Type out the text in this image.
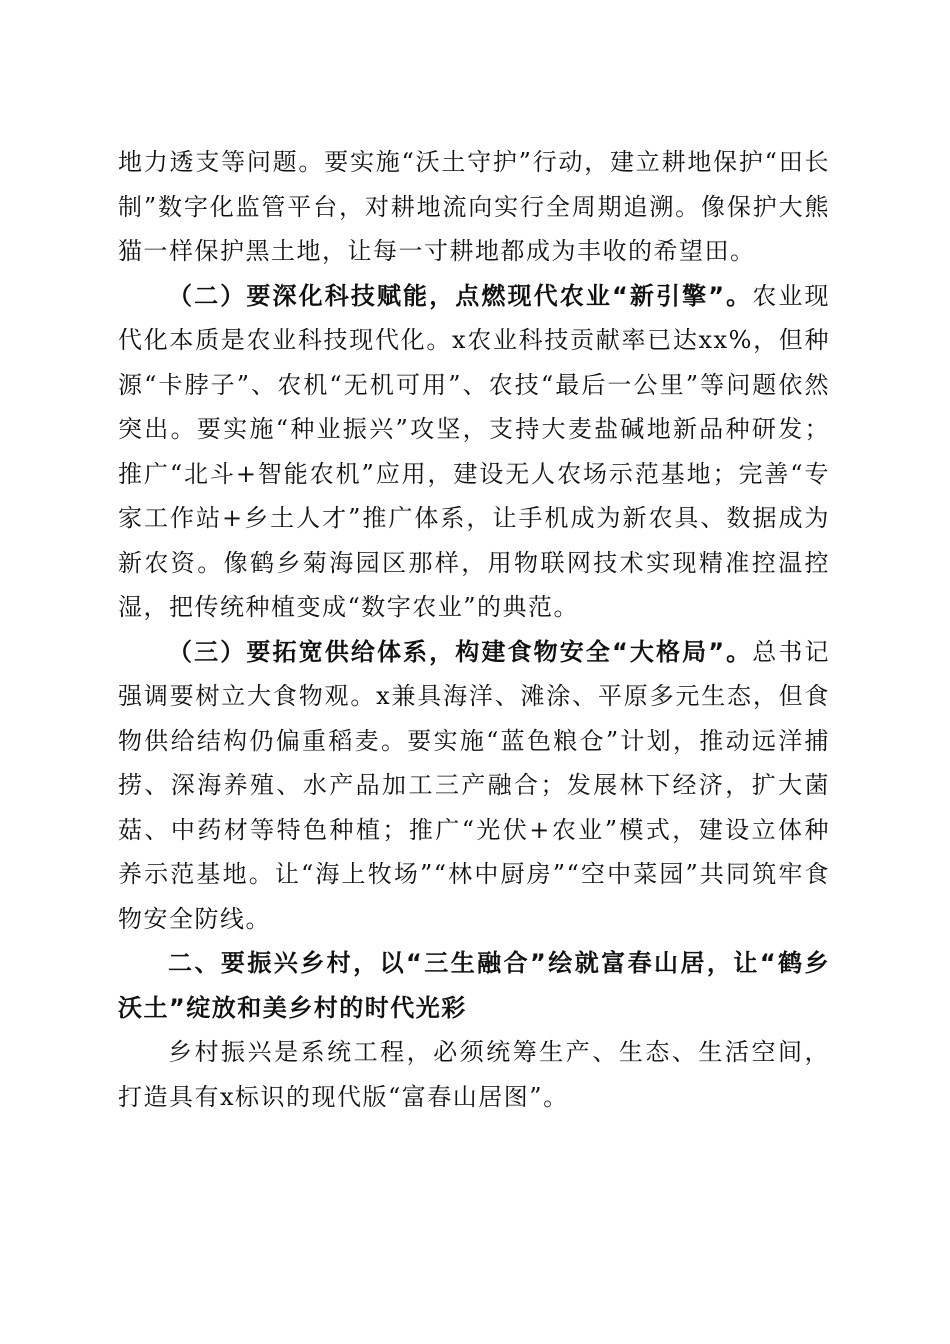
地力透支等问题。要实施“沃土守护”行动，建立耕地保护“田长制”数字化监管平台，对耕地流向实行全周期追溯。像保护大熊猫一样保护黑土地，让每一寸耕地都成为丰收的希望田。

（二）要深化科技赋能，点燃现代农业“新引擎”。农业现代化本质是农业科技现代化。x农业科技贡献率已达xx%，但种源“卡脖子”、农机“无机可用”、农技“最后一公里”等问题依然突出。要实施“种业振兴”攻坚，支持大麦盐碱地新品种研发；推广“北斗+智能农机”应用，建设无人农场示范基地；完善“专家工作站+乡土人才”推广体系，让手机成为新农具、数据成为新农资。像鹤乡菊海园区那样，用物联网技术实现精准控温控湿，把传统种植变成“数字农业”的典范。

（三）要拓宽供给体系，构建食物安全“大格局”。总书记强调要树立大食物观。x兼具海洋、滩涂、平原多元生态，但食物供给结构仍偏重稻麦。要实施“蓝色粮仓”计划，推动远洋捕捞、深海养殖、水产品加工三产融合；发展林下经济，扩大菌菇、中药材等特色种植；推广“光伏+农业”模式，建设立体种养示范基地。让“海上牧场”“林中厨房”“空中菜园”共同筑牢食物安全防线。

二、要振兴乡村，以“三生融合”绘就富春山居，让“鹤乡沃土”绽放和美乡村的时代光彩

乡村振兴是系统工程，必须统筹生产、生态、生活空间，打造具有x标识的现代版“富春山居图”。
